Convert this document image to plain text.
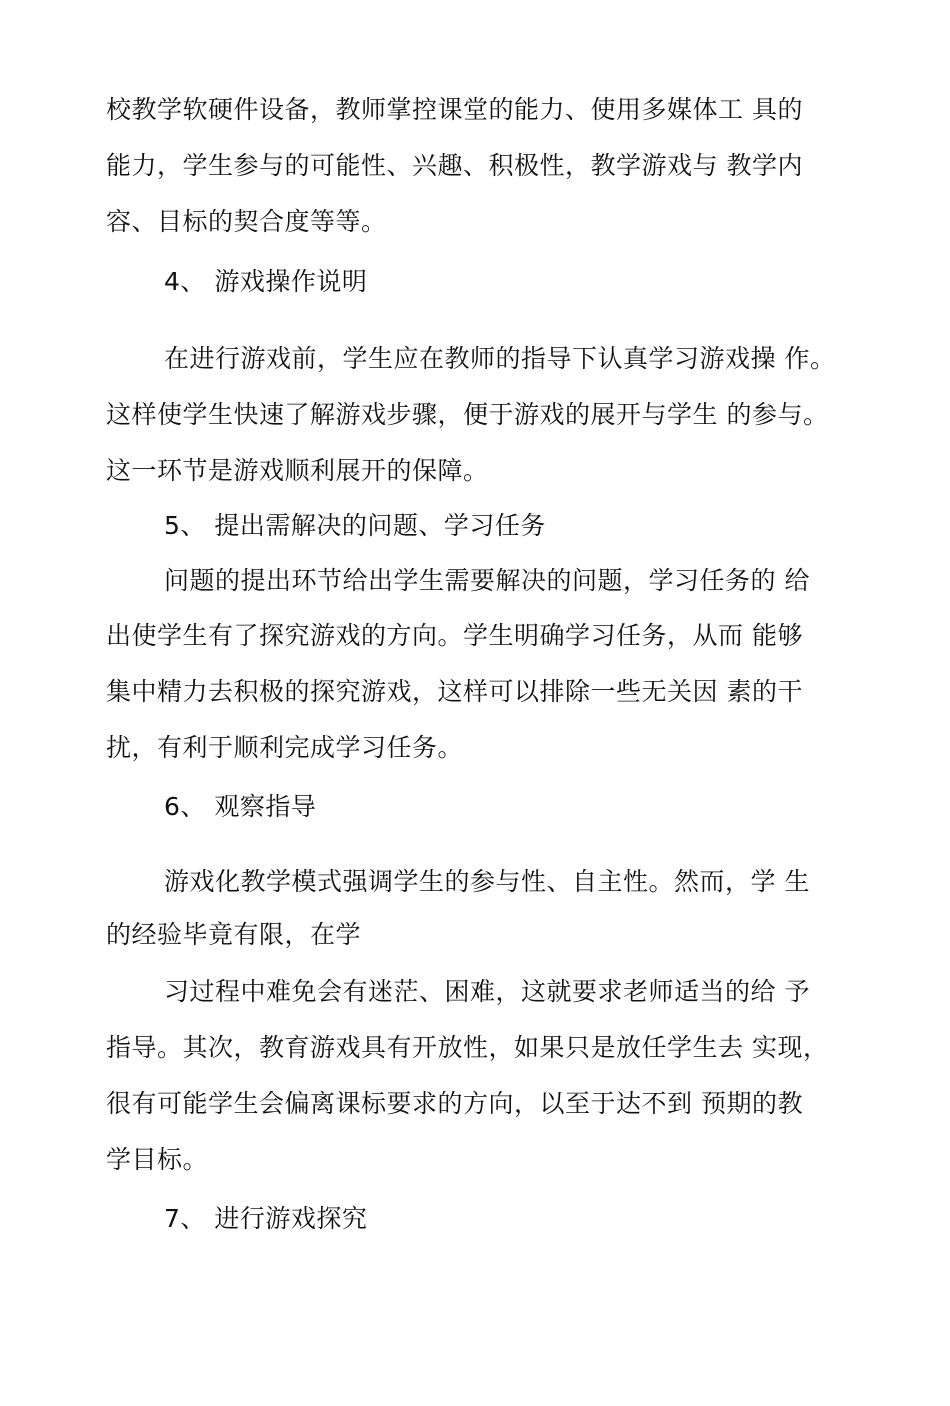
校教学软硬件设备，教师掌控课堂的能力、使用多媒体工 具的
能力，学生参与的可能性、兴趣、积极性，教学游戏与 教学内
容、目标的契合度等等。
4、 游戏操作说明
在进行游戏前，学生应在教师的指导下认真学习游戏操 作。
这样使学生快速了解游戏步骤，便于游戏的展开与学生 的参与。
这一环节是游戏顺利展开的保障。
5、 提出需解决的问题、学习任务
问题的提出环节给出学生需要解决的问题，学习任务的 给
出使学生有了探究游戏的方向。学生明确学习任务，从而 能够
集中精力去积极的探究游戏，这样可以排除一些无关因 素的干
扰，有利于顺利完成学习任务。
6、 观察指导
游戏化教学模式强调学生的参与性、自主性。然而，学 生
的经验毕竟有限，在学
习过程中难免会有迷茫、困难，这就要求老师适当的给 予
指导。其次，教育游戏具有开放性，如果只是放任学生去 实现，
很有可能学生会偏离课标要求的方向，以至于达不到 预期的教
学目标。
7、 进行游戏探究
